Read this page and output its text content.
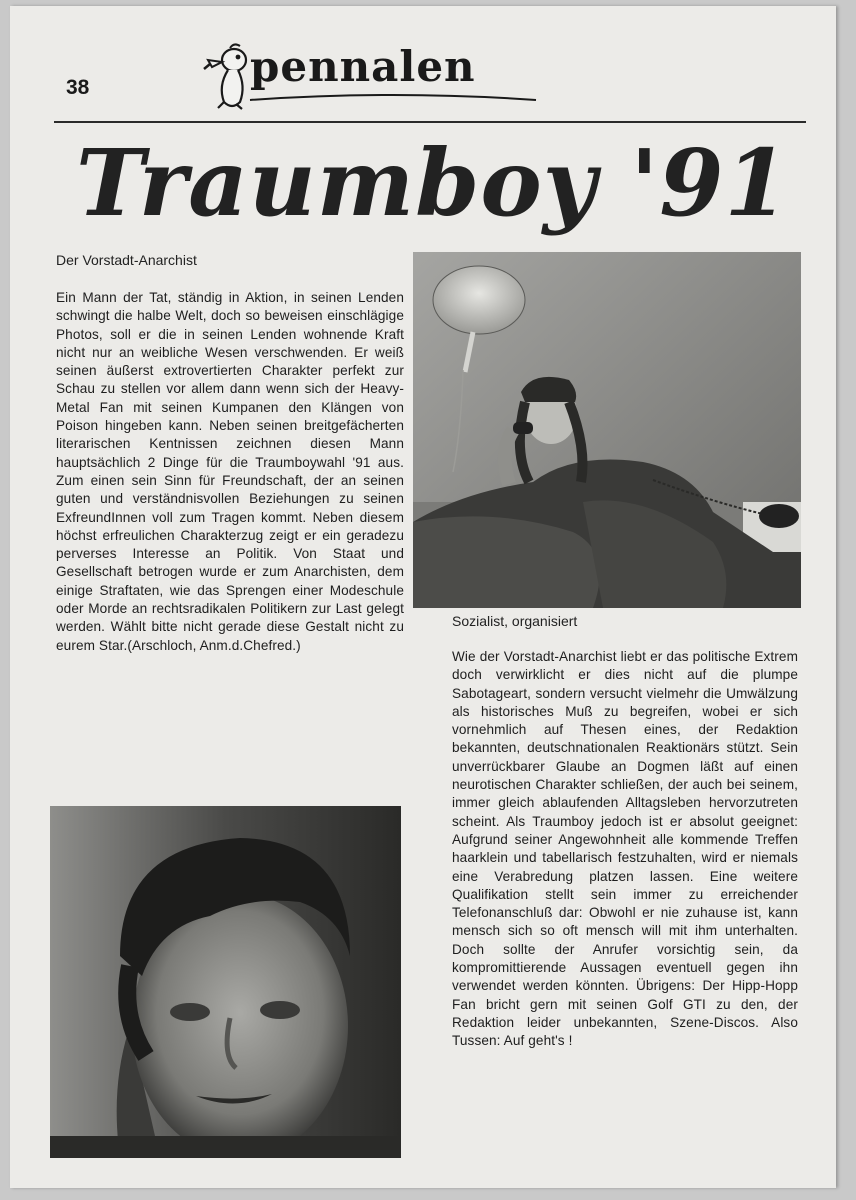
38	pennalen
Traumboy '91
Der Vorstadt-Anarchist

Ein Mann der Tat, ständig in Aktion, in seinen Lenden schwingt die halbe Welt, doch so beweisen einschlägige Photos, soll er die in seinen Lenden wohnende Kraft nicht nur an weibliche Wesen verschwenden. Er weiß seinen äußerst extrovertierten Charakter perfekt zur Schau zu stellen vor allem dann wenn sich der Heavy-Metal Fan mit seinen Kumpanen den Klängen von Poison hingeben kann. Neben seinen breitgefächerten literarischen Kentnissen zeichnen diesen Mann hauptsächlich 2 Dinge für die Traumboywahl '91 aus. Zum einen sein Sinn für Freundschaft, der an seinen guten und verständnisvollen Beziehungen zu seinen ExfreundInnen voll zum Tragen kommt. Neben diesem höchst erfreulichen Charakterzug zeigt er ein geradezu perverses Interesse an Politik. Von Staat und Gesellschaft betrogen wurde er zum Anarchisten, dem einige Straftaten, wie das Sprengen einer Modeschule oder Morde an rechtsradikalen Politikern zur Last gelegt werden. Wählt bitte nicht gerade diese Gestalt nicht zu eurem Star.(Arschloch, Anm.d.Chefred.)

Sozialist, organisiert

Wie der Vorstadt-Anarchist liebt er das politische Extrem doch verwirklicht er dies nicht auf die plumpe Sabotageart, sondern versucht vielmehr die Umwälzung als historisches Muß zu begreifen, wobei er sich vornehmlich auf Thesen eines, der Redaktion bekannten, deutschnationalen Reaktionärs stützt. Sein unverrückbarer Glaube an Dogmen läßt auf einen neurotischen Charakter schließen, der auch bei seinem, immer gleich ablaufenden Alltagsleben hervorzutreten scheint. Als Traumboy jedoch ist er absolut geeignet: Aufgrund seiner Angewohnheit alle kommende Treffen haarklein und tabellarisch festzuhalten, wird er niemals eine Verabredung platzen lassen. Eine weitere Qualifikation stellt sein immer zu erreichender Telefonanschluß dar: Obwohl er nie zuhause ist, kann mensch sich so oft mensch will mit ihm unterhalten. Doch sollte der Anrufer vorsichtig sein, da kompromittierende Aussagen eventuell gegen ihn verwendet werden könnten. Übrigens: Der Hipp-Hopp Fan bricht gern mit seinen Golf GTI zu den, der Redaktion leider unbekannten, Szene-Discos. Also Tussen: Auf geht's !
